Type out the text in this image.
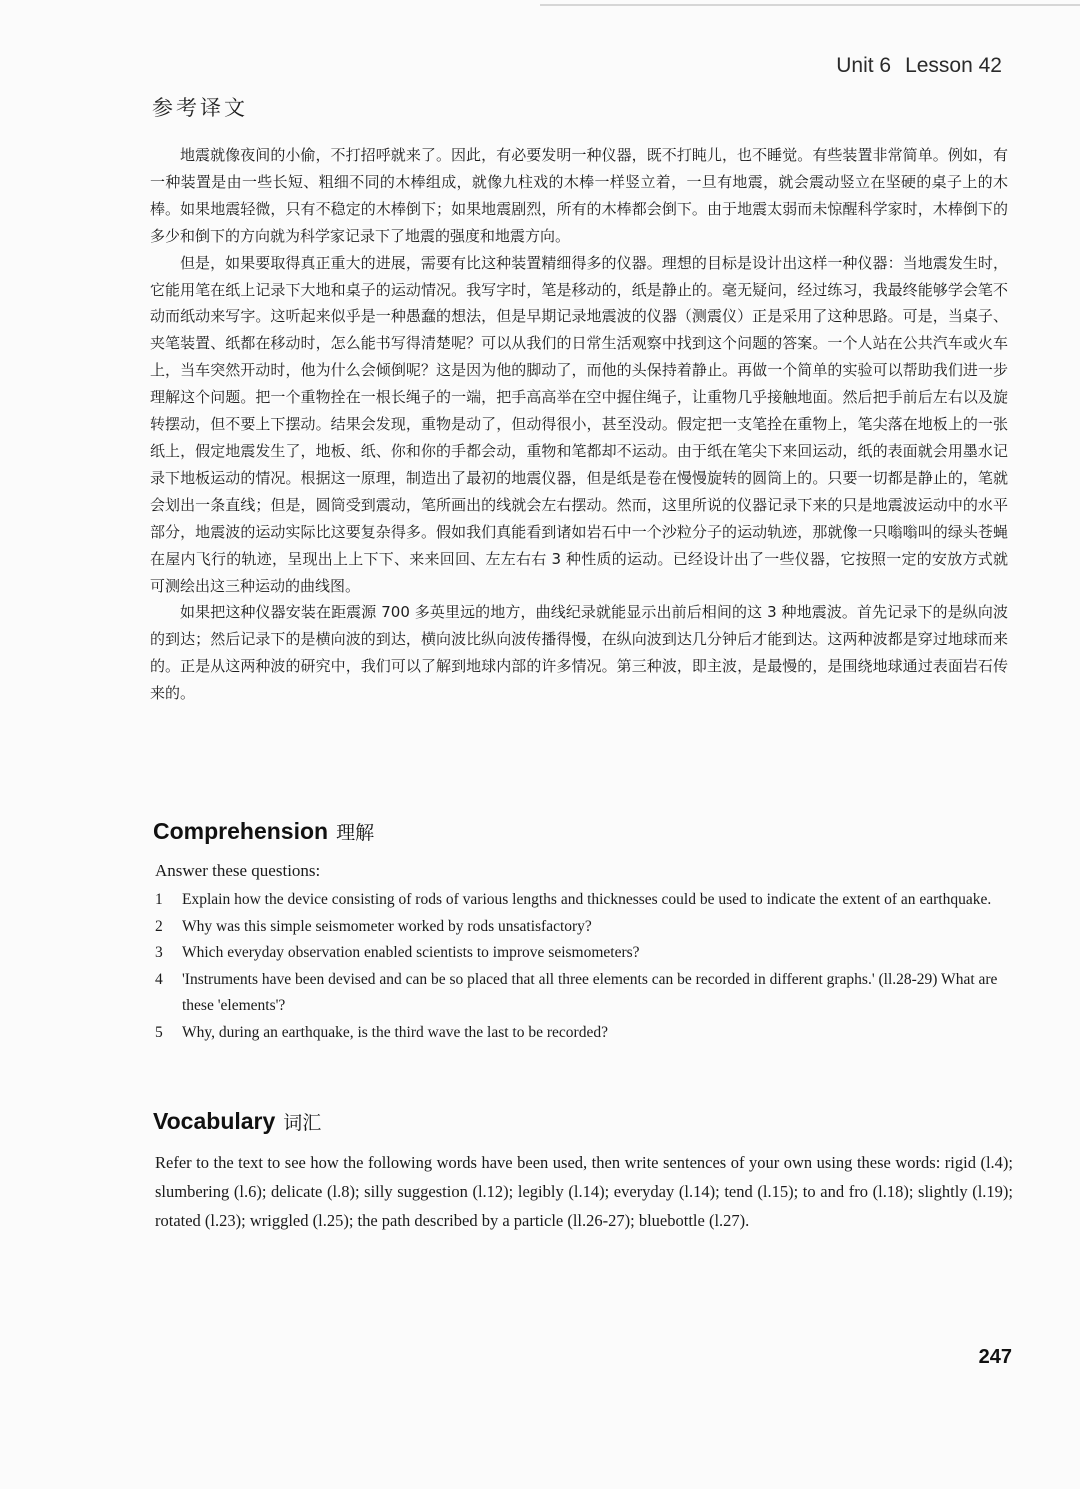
Unit 6 Lesson 42
参考译文

地震就像夜间的小偷，不打招呼就来了。因此，有必要发明一种仪器，既不打盹儿，也不睡觉。有些装置非常简单。例如，有一种装置是由一些长短、粗细不同的木棒组成，就像九柱戏的木棒一样竖立着，一旦有地震，就会震动竖立在坚硬的桌子上的木棒。如果地震轻微，只有不稳定的木棒倒下；如果地震剧烈，所有的木棒都会倒下。由于地震太弱而未惊醒科学家时，木棒倒下的多少和倒下的方向就为科学家记录下了地震的强度和地震方向。

但是，如果要取得真正重大的进展，需要有比这种装置精细得多的仪器。理想的目标是设计出这样一种仪器：当地震发生时，它能用笔在纸上记录下大地和桌子的运动情况。我写字时，笔是移动的，纸是静止的。毫无疑问，经过练习，我最终能够学会笔不动而纸动来写字。这听起来似乎是一种愚蠢的想法，但是早期记录地震波的仪器（测震仪）正是采用了这种思路。可是，当桌子、夹笔装置、纸都在移动时，怎么能书写得清楚呢？可以从我们的日常生活观察中找到这个问题的答案。一个人站在公共汽车或火车上，当车突然开动时，他为什么会倾倒呢？这是因为他的脚动了，而他的头保持着静止。再做一个简单的实验可以帮助我们进一步理解这个问题。把一个重物拴在一根长绳子的一端，把手高高举在空中握住绳子，让重物几乎接触地面。然后把手前后左右以及旋转摆动，但不要上下摆动。结果会发现，重物是动了，但动得很小，甚至没动。假定把一支笔拴在重物上，笔尖落在地板上的一张纸上，假定地震发生了，地板、纸、你和你的手都会动，重物和笔都却不运动。由于纸在笔尖下来回运动，纸的表面就会用墨水记录下地板运动的情况。根据这一原理，制造出了最初的地震仪器，但是纸是卷在慢慢旋转的圆筒上的。只要一切都是静止的，笔就会划出一条直线；但是，圆筒受到震动，笔所画出的线就会左右摆动。然而，这里所说的仪器记录下来的只是地震波运动中的水平部分，地震波的运动实际比这要复杂得多。假如我们真能看到诸如岩石中一个沙粒分子的运动轨迹，那就像一只嗡嗡叫的绿头苍蝇在屋内飞行的轨迹，呈现出上上下下、来来回回、左左右右 3 种性质的运动。已经设计出了一些仪器，它按照一定的安放方式就可测绘出这三种运动的曲线图。

如果把这种仪器安装在距震源 700 多英里远的地方，曲线纪录就能显示出前后相间的这 3 种地震波。首先记录下的是纵向波的到达；然后记录下的是横向波的到达，横向波比纵向波传播得慢，在纵向波到达几分钟后才能到达。这两种波都是穿过地球而来的。正是从这两种波的研究中，我们可以了解到地球内部的许多情况。第三种波，即主波，是最慢的，是围绕地球通过表面岩石传来的。

Comprehension 理解
Answer these questions:
1 Explain how the device consisting of rods of various lengths and thicknesses could be used to indicate the extent of an earthquake.
2 Why was this simple seismometer worked by rods unsatisfactory?
3 Which everyday observation enabled scientists to improve seismometers?
4 'Instruments have been devised and can be so placed that all three elements can be recorded in different graphs.' (ll.28-29) What are these 'elements'?
5 Why, during an earthquake, is the third wave the last to be recorded?
Vocabulary 词汇
Refer to the text to see how the following words have been used, then write sentences of your own using these words: rigid (l.4); slumbering (l.6); delicate (l.8); silly suggestion (l.12); legibly (l.14); everyday (l.14); tend (l.15); to and fro (l.18); slightly (l.19); rotated (l.23); wriggled (l.25); the path described by a particle (ll.26-27); bluebottle (l.27).
247
